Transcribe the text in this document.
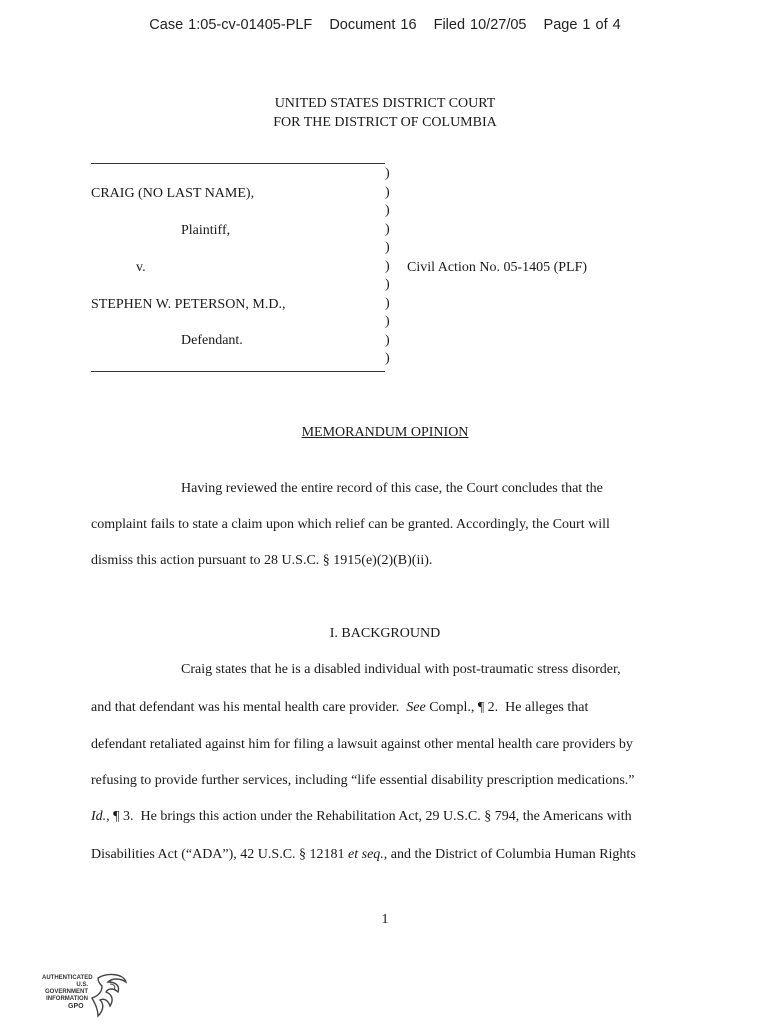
Case 1:05-cv-01405-PLF Document 16 Filed 10/27/05 Page 1 of 4
UNITED STATES DISTRICT COURT
FOR THE DISTRICT OF COLUMBIA
CRAIG (NO LAST NAME),
Plaintiff,
v.	Civil Action No. 05-1405 (PLF)
STEPHEN W. PETERSON, M.D.,
Defendant.
)
)
)
)
)
)
)
)
)
)
)
MEMORANDUM OPINION
Having reviewed the entire record of this case, the Court concludes that the
complaint fails to state a claim upon which relief can be granted. Accordingly, the Court will
dismiss this action pursuant to 28 U.S.C. § 1915(e)(2)(B)(ii).
I. BACKGROUND
Craig states that he is a disabled individual with post-traumatic stress disorder,
and that defendant was his mental health care provider.  See Compl., ¶ 2.  He alleges that
defendant retaliated against him for filing a lawsuit against other mental health care providers by
refusing to provide further services, including “life essential disability prescription medications.”
Id., ¶ 3.  He brings this action under the Rehabilitation Act, 29 U.S.C. § 794, the Americans with
Disabilities Act (“ADA”), 42 U.S.C. § 12181 et seq., and the District of Columbia Human Rights
1
AUTHENTICATED
U.S. GOVERNMENT
INFORMATION
GPO
